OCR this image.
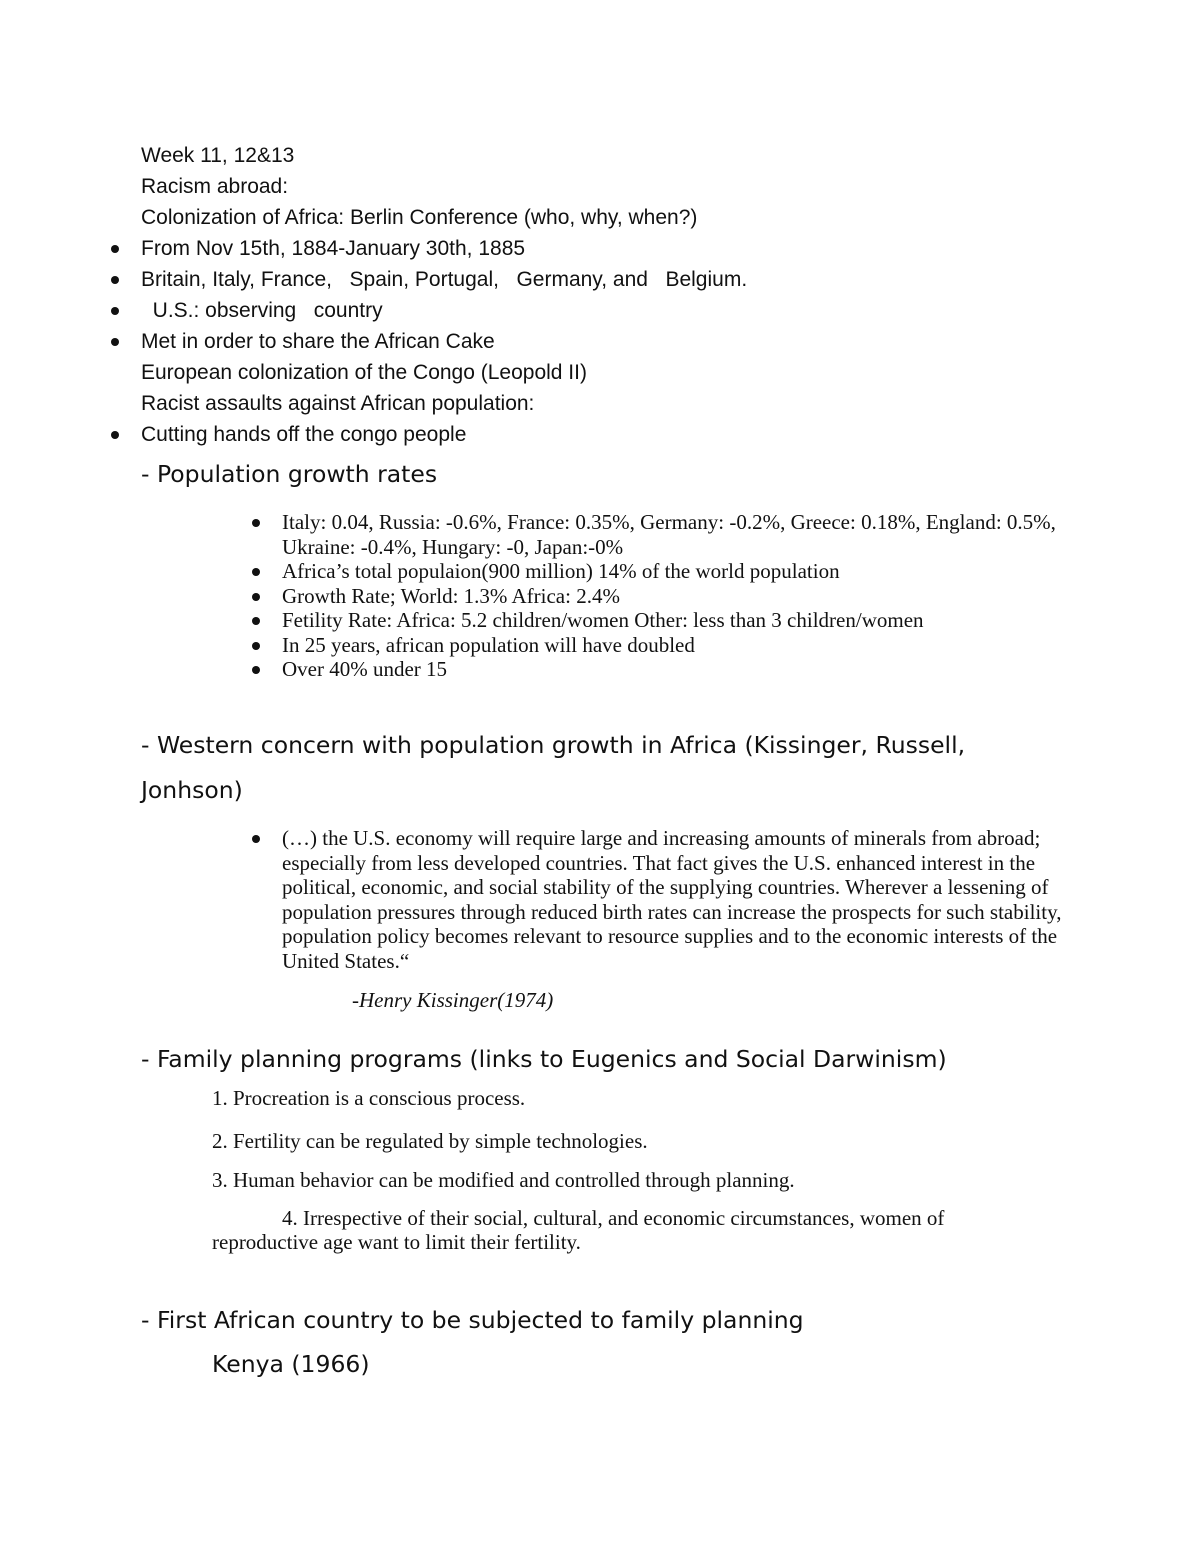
Week 11, 12&13
Racism abroad:
Colonization of Africa: Berlin Conference (who, why, when?)
From Nov 15th, 1884-January 30th, 1885
Britain, Italy, France,   Spain, Portugal,   Germany, and   Belgium.
U.S.: observing   country
Met in order to share the African Cake
European colonization of the Congo (Leopold II)
Racist assaults against African population:
Cutting hands off the congo people
- Population growth rates
Italy: 0.04, Russia: -0.6%, France: 0.35%, Germany: -0.2%, Greece: 0.18%, England: 0.5%, Ukraine: -0.4%, Hungary: -0, Japan:-0%
Africa’s total populaion(900 million) 14% of the world population
Growth Rate; World: 1.3% Africa: 2.4%
Fetility Rate: Africa: 5.2 children/women Other: less than 3 children/women
In 25 years, african population will have doubled
Over 40% under 15
- Western concern with population growth in Africa (Kissinger, Russell,
Jonhson)
(…) the U.S. economy will require large and increasing amounts of minerals from abroad; especially from less developed countries. That fact gives the U.S. enhanced interest in the political, economic, and social stability of the supplying countries. Wherever a lessening of population pressures through reduced birth rates can increase the prospects for such stability, population policy becomes relevant to resource supplies and to the economic interests of the United States.“
-Henry Kissinger(1974)
- Family planning programs (links to Eugenics and Social Darwinism)
1. Procreation is a conscious process.
2. Fertility can be regulated by simple technologies.
3. Human behavior can be modified and controlled through planning.
4. Irrespective of their social, cultural, and economic circumstances, women of
reproductive age want to limit their fertility.
- First African country to be subjected to family planning
Kenya (1966)
